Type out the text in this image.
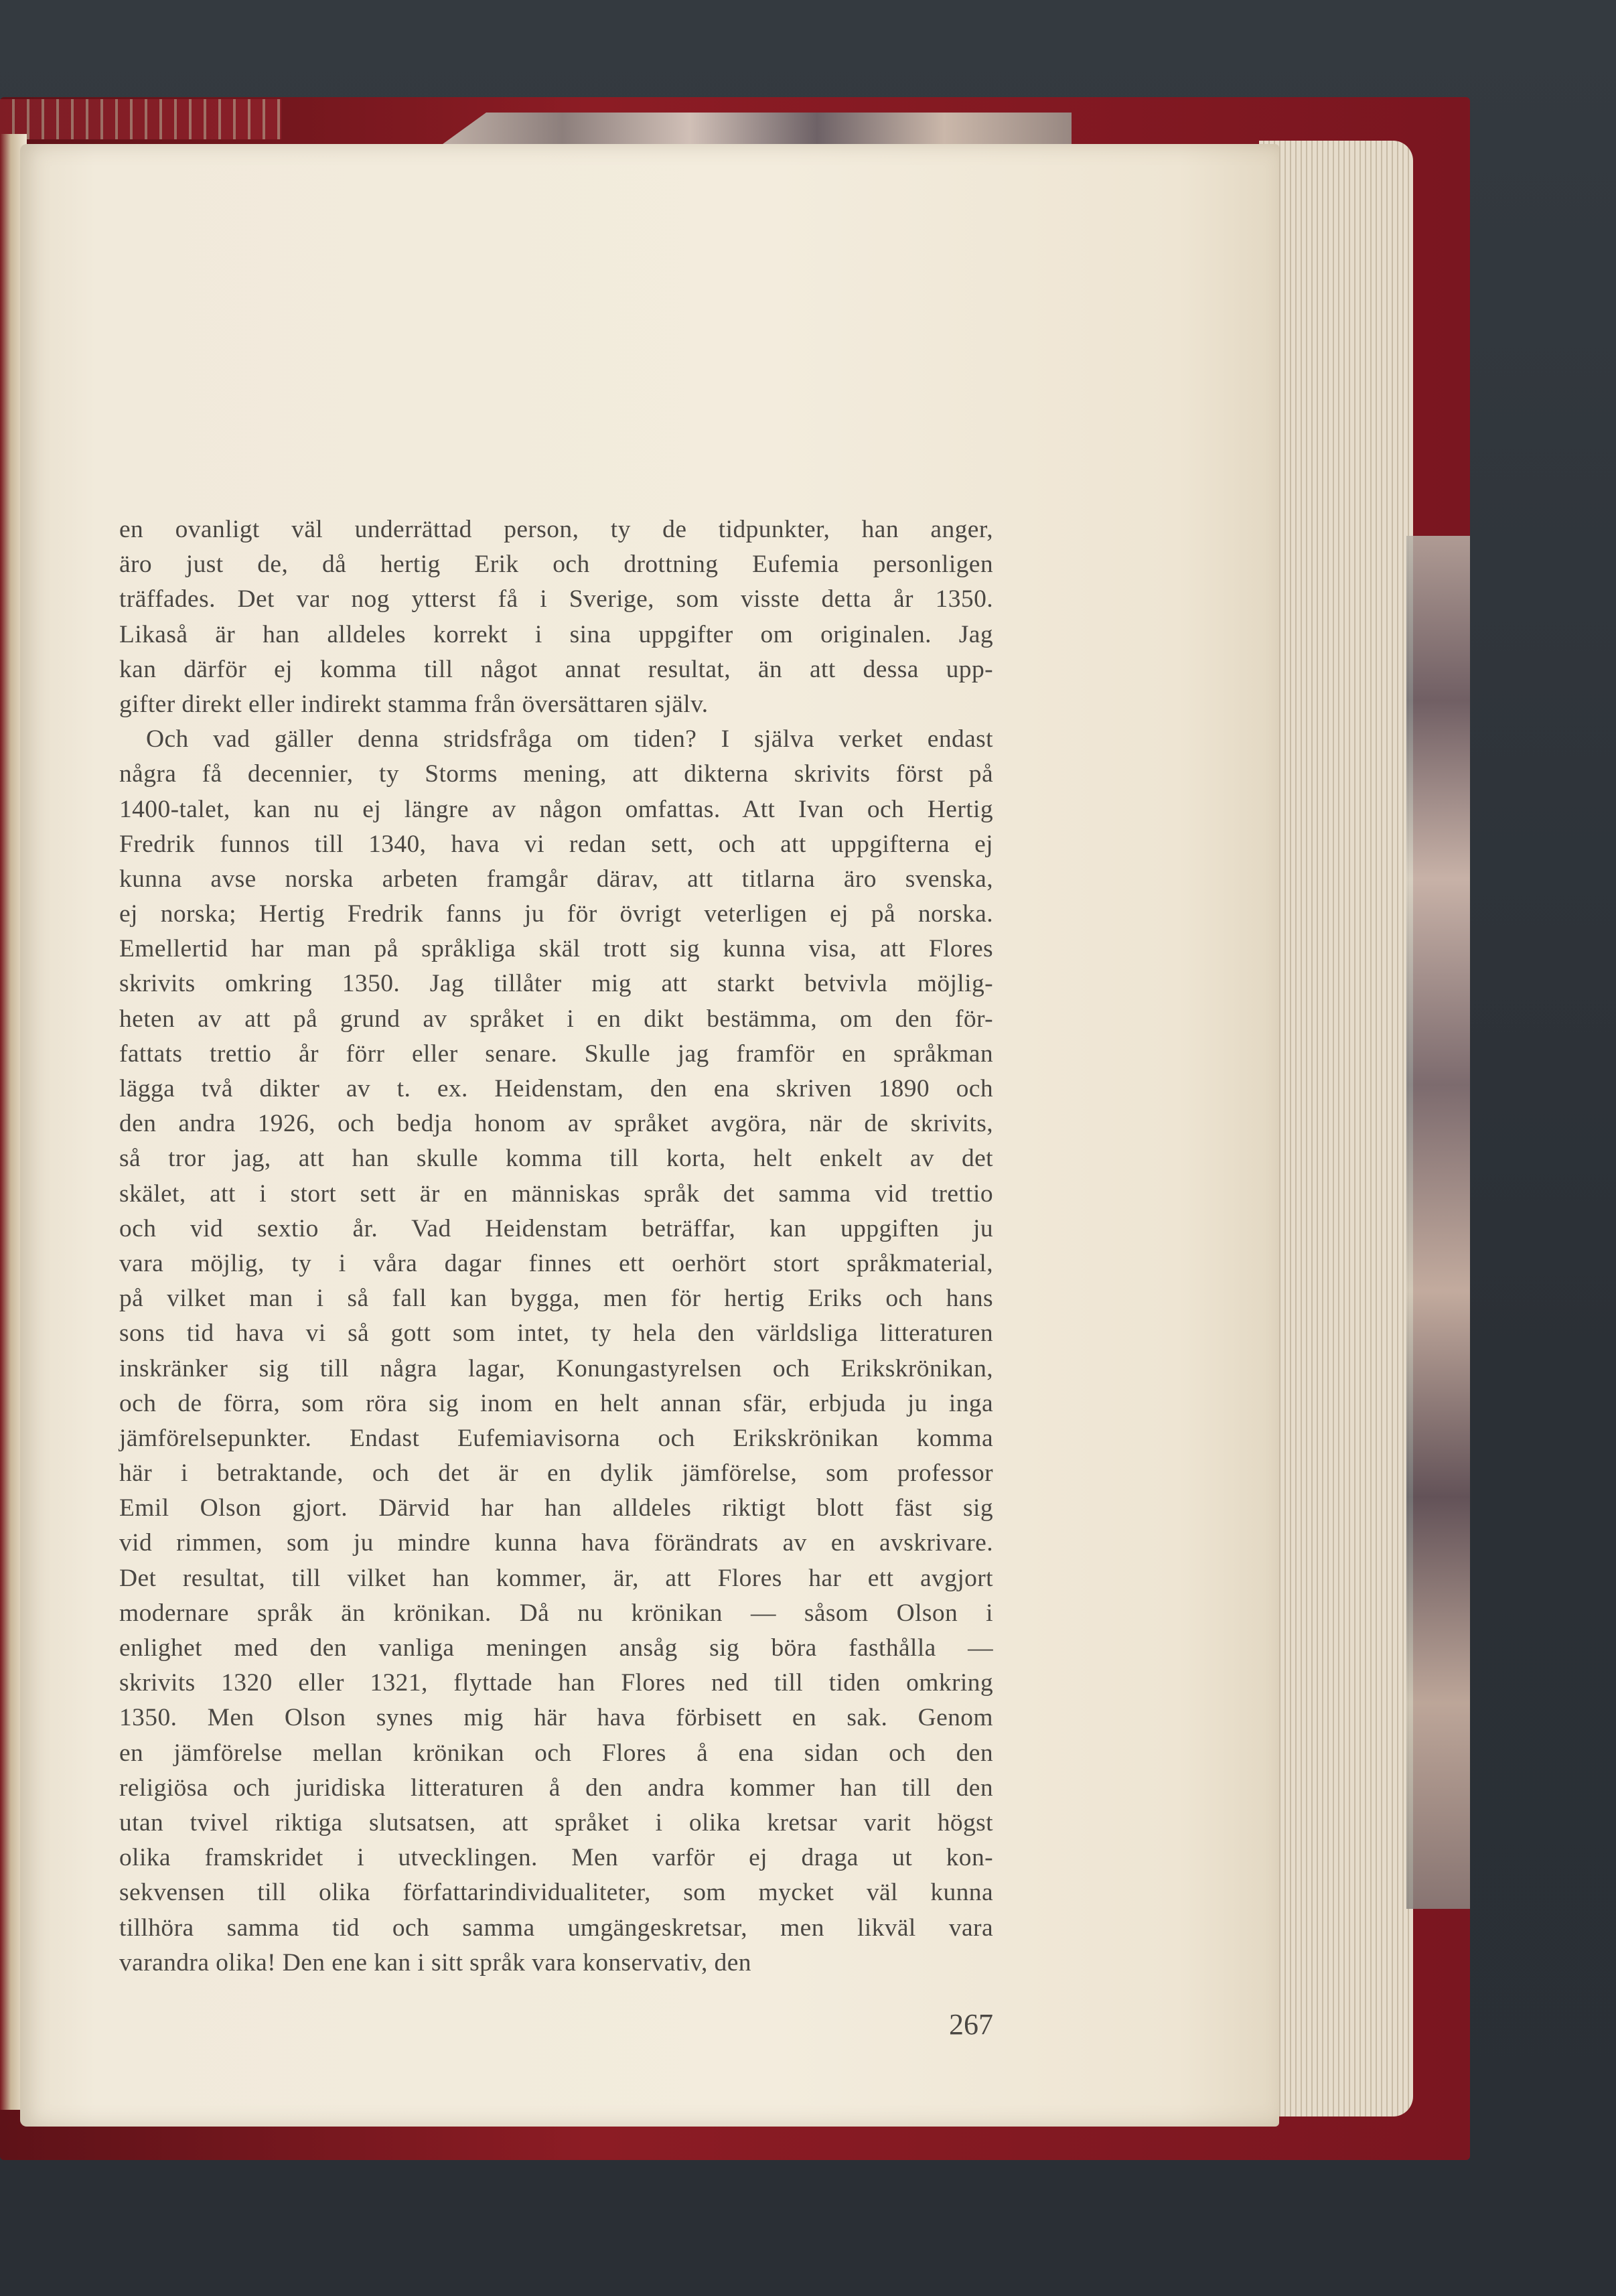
en ovanligt väl underrättad person, ty de tidpunkter, han anger,
äro just de, då hertig Erik och drottning Eufemia personligen
träffades. Det var nog ytterst få i Sverige, som visste detta år 1350.
Likaså är han alldeles korrekt i sina uppgifter om originalen. Jag
kan därför ej komma till något annat resultat, än att dessa upp-
gifter direkt eller indirekt stamma från översättaren själv.
Och vad gäller denna stridsfråga om tiden? I själva verket endast
några få decennier, ty Storms mening, att dikterna skrivits först på
1400-talet, kan nu ej längre av någon omfattas. Att Ivan och Hertig
Fredrik funnos till 1340, hava vi redan sett, och att uppgifterna ej
kunna avse norska arbeten framgår därav, att titlarna äro svenska,
ej norska; Hertig Fredrik fanns ju för övrigt veterligen ej på norska.
Emellertid har man på språkliga skäl trott sig kunna visa, att Flores
skrivits omkring 1350. Jag tillåter mig att starkt betvivla möjlig-
heten av att på grund av språket i en dikt bestämma, om den för-
fattats trettio år förr eller senare. Skulle jag framför en språkman
lägga två dikter av t. ex. Heidenstam, den ena skriven 1890 och
den andra 1926, och bedja honom av språket avgöra, när de skrivits,
så tror jag, att han skulle komma till korta, helt enkelt av det
skälet, att i stort sett är en människas språk det samma vid trettio
och vid sextio år. Vad Heidenstam beträffar, kan uppgiften ju
vara möjlig, ty i våra dagar finnes ett oerhört stort språkmaterial,
på vilket man i så fall kan bygga, men för hertig Eriks och hans
sons tid hava vi så gott som intet, ty hela den världsliga litteraturen
inskränker sig till några lagar, Konungastyrelsen och Erikskrönikan,
och de förra, som röra sig inom en helt annan sfär, erbjuda ju inga
jämförelsepunkter. Endast Eufemiavisorna och Erikskrönikan komma
här i betraktande, och det är en dylik jämförelse, som professor
Emil Olson gjort. Därvid har han alldeles riktigt blott fäst sig
vid rimmen, som ju mindre kunna hava förändrats av en avskrivare.
Det resultat, till vilket han kommer, är, att Flores har ett avgjort
modernare språk än krönikan. Då nu krönikan — såsom Olson i
enlighet med den vanliga meningen ansåg sig böra fasthålla —
skrivits 1320 eller 1321, flyttade han Flores ned till tiden omkring
1350. Men Olson synes mig här hava förbisett en sak. Genom
en jämförelse mellan krönikan och Flores å ena sidan och den
religiösa och juridiska litteraturen å den andra kommer han till den
utan tvivel riktiga slutsatsen, att språket i olika kretsar varit högst
olika framskridet i utvecklingen. Men varför ej draga ut kon-
sekvensen till olika författarindividualiteter, som mycket väl kunna
tillhöra samma tid och samma umgängeskretsar, men likväl vara
varandra olika! Den ene kan i sitt språk vara konservativ, den
267
